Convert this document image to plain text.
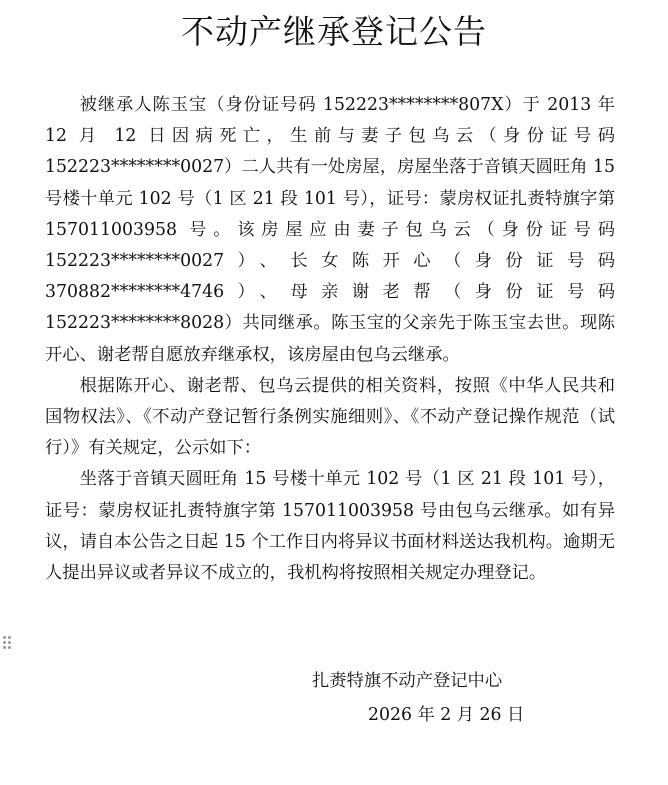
不动产继承登记公告

被继承人陈玉宝（身份证号码 152223********807X）于 2013 年 12 月 12 日因病死亡，生前与妻子包乌云（身份证号码 152223********0027）二人共有一处房屋，房屋坐落于音镇天圆旺角 15 号楼十单元 102 号（1 区 21 段 101 号），证号：蒙房权证扎赉特旗字第 157011003958 号。该房屋应由妻子包乌云（身份证号码 152223********0027）、长女陈开心（身份证号码 370882********4746）、母亲谢老帮（身份证号码 152223********8028）共同继承。陈玉宝的父亲先于陈玉宝去世。现陈开心、谢老帮自愿放弃继承权，该房屋由包乌云继承。

根据陈开心、谢老帮、包乌云提供的相关资料，按照《中华人民共和国物权法》、《不动产登记暂行条例实施细则》、《不动产登记操作规范（试行）》有关规定，公示如下：

坐落于音镇天圆旺角 15 号楼十单元 102 号（1 区 21 段 101 号），证号：蒙房权证扎赉特旗字第 157011003958 号由包乌云继承。如有异议，请自本公告之日起 15 个工作日内将异议书面材料送达我机构。逾期无人提出异议或者异议不成立的，我机构将按照相关规定办理登记。

扎赉特旗不动产登记中心
2026 年 2 月 26 日
